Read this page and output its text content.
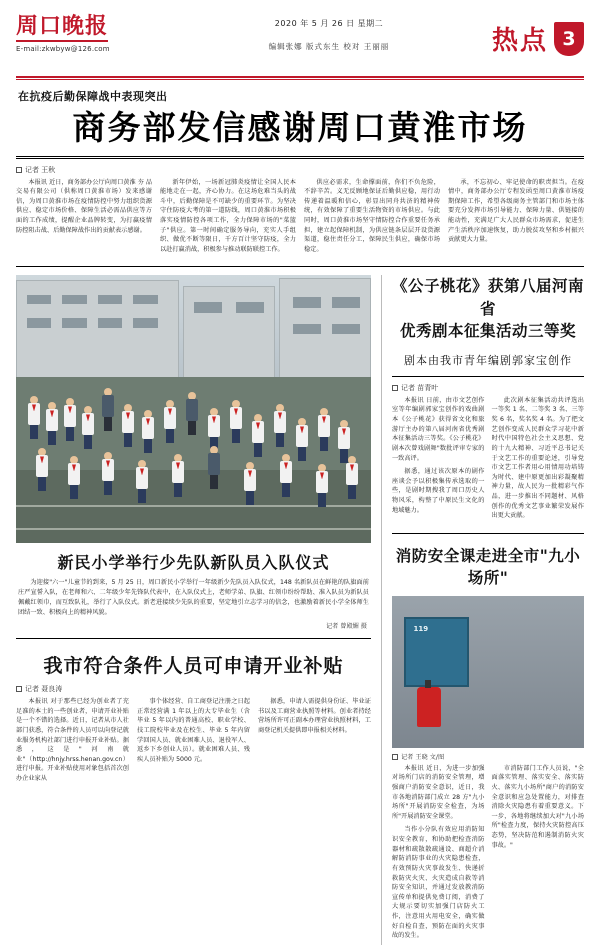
周口晚报
E-mail:zkwbyw@126.com
2020 年 5 月 26 日 星期二
编辑张娜 版式东生 校对 王丽丽	热点 3
在抗疫后勤保障战中表现突出
商务部发信感谢周口黄淮市场
记者 王秋

本报讯 近日，商务部办公厅向周口黄淮 夯 品交易有限公司（供称周口黄淮市场）发来感谢信，为周口黄淮市场在疫情防控中努力组织货源供应、稳定市场价格、保障生活必需品供应等方面的工作成绩，提醒企业品牌转变，为打赢疫情防控阻击战、后勤保障战作出的贡献表示感谢。

新年伊始，一场新冠肺炎疫情让全国人民本能地走在一起，齐心协力。在这场危难当头的战斗中，后勤保障是不可缺少的重要环节。为坚决守住防疫大考的第一道防线，周口黄淮市场积极落实疫情防控各项工作，全力保障市场的"菜篮子"供应。第一时间确定服务导向，充实人手组织、做优不断等限日，千方百计坚守防疫，全力以赴打赢消战，积极参与推动联防联控工作。

供应必需求，生命撑面前，你们不负危险，不辞辛苦。义无反顾地保证后勤供应稳，用行动传递着温暖和信心，彰显出同舟共济的精神传统，有效保障了重要生活物资的市场供应。与此同时，周口黄淮市场坚守情防控合作重要任务承担，建立起保障机制，为供应链条层层开设货源渠道，稳住责任分工，保障民生供应，确保市场稳定。

承，不忘初心、牢记使命的职责担当。在疫情中，商务部办公厅专程发函至周口黄淮市场疫期保障工作，希望各级商务主管部门和市场主体要充分发挥市场引导能力、保障力量、供链接的能动性，充满足广大人民群众市场需求，促进生产生活秩序加速恢复，助力脱贫攻坚和乡村振兴贡献更大力量。

新民小学举行少先队新队员入队仪式
为迎接"六一"儿童节的到来，5 月 25 日，周口新民小学举行一年级新少先队员入队仪式，148 名新队员在鲜艳的队旗面前庄严宣誓入队，在老师和六、二年级少年先锋队代表中，在入队仪式上，老师学弟、队旗、红领巾纷纷帮助、准入队员为新队员佩戴红领巾，而互致队礼，举行了入队仪式。新老进接续少先队的重要，坚定地引立志学习的信念，也激励着新民小学全体师生团结一致、积极向上的精神风貌。
记者 曾殿媚 摄
我市符合条件人员可申请开业补贴
记者 聂良涛

本报讯 对于那些已经为创业者了充足准的本土的一些创业者，申请开业补贴是一个不错的选择。近日，记者从市人社部门获悉，符合条件的人员可以向登记就业服务机构社部门进行申报开业补贴。据悉，这是"河南就业"（http://hnjy.hrss.henan.gov.cn）进行申报。开业补贴使用对象包括首次创办企业家从

事个体经营、自工商登记注册之日起正常经营满 1 年以上的大专毕业生（含毕业 5 年以内的普通高校、职业学校、技工院校毕业及在校生、毕业 5 年内留学回国人员、就业困难人员、退役军人、返乡下乡创业人员）。就业困难人员、残疾人员补贴为 5000 元。

据悉，申请人需提供身份证、毕业证书以及工商营业执照等材料。创业者持经营场所许可正副本办理营业执照材料，工商登记机关提供即申报相关材料。

《公子桃花》获第八届河南省
优秀剧本征集活动三等奖
剧本由我市青年编剧郭家宝创作
记者 苗青叶

本报讯 日前，由市文艺创作室等年编剧郭家宝创作的戏曲剧本《公子桃花》获得省文化和旅游厅主办的第八届河南省优秀剧本征集活动三等奖。《公子桃花》剧本次曾戏剧舞"数批评审专家的一致高评。

据悉，通过该次原本的剧作座谈会予以积极集传承选取的一些，是剧时期搜我了周口历史人物风采，构整了中原民生文化的地域魅力。

此次剧本征集活动共评选出一等奖 1 名、二等奖 3 名、三等奖 6 名，奖名奖 4 名。为了把文艺创作变成人民群众学习花中新时代中国特色社会主义思想、党的十九大精神、习近平总书记关于文艺工作的重要论述，引导党市文艺工作者用心用情用功培铸为时代、建中原更加出彩凝聚精神力量，故人民为一批精彩气作品，进一步推出不同题材、风格创作的优秀文艺事业繁荣发展作出更大贡献。

消防安全课走进全市"九小场所"
119
记者 王晓 文/图

本报讯 近日，为进一步加强对场所门店的消防安全管理，增强商户消防安全意识，近日，我市各地消防部门成立 28 方"九小场所"开展消防安全检查，为场所"开展消防安全课堂。

当作小分队有效应用消防知识安全教育，和协助把检查消防器材和疏散散疏通设、商超介消解防消防事业的火灾隐患检查，有效预防火灾事故发生、快递折救防灾火灾、火灾造成自救等消防安全知识，并通过发放教消防宣传单和提供免费订阅，消费了大规示要切实加强门店防火工作，注意用火用电安全，确实做好自检自查，预防在面的火灾事故的发生。

市消防部门工作人员说，"全面落实管理、落实安全、落实防火、落实九小场所"商户的消防安全意识和应急处置能力，对排查消除火灾隐患有着重要意义。下一步，各地将继续加大对"九小场所"检查力度，保持火灾防控高压态势，坚决防范和遏制消防火灾事故。"
